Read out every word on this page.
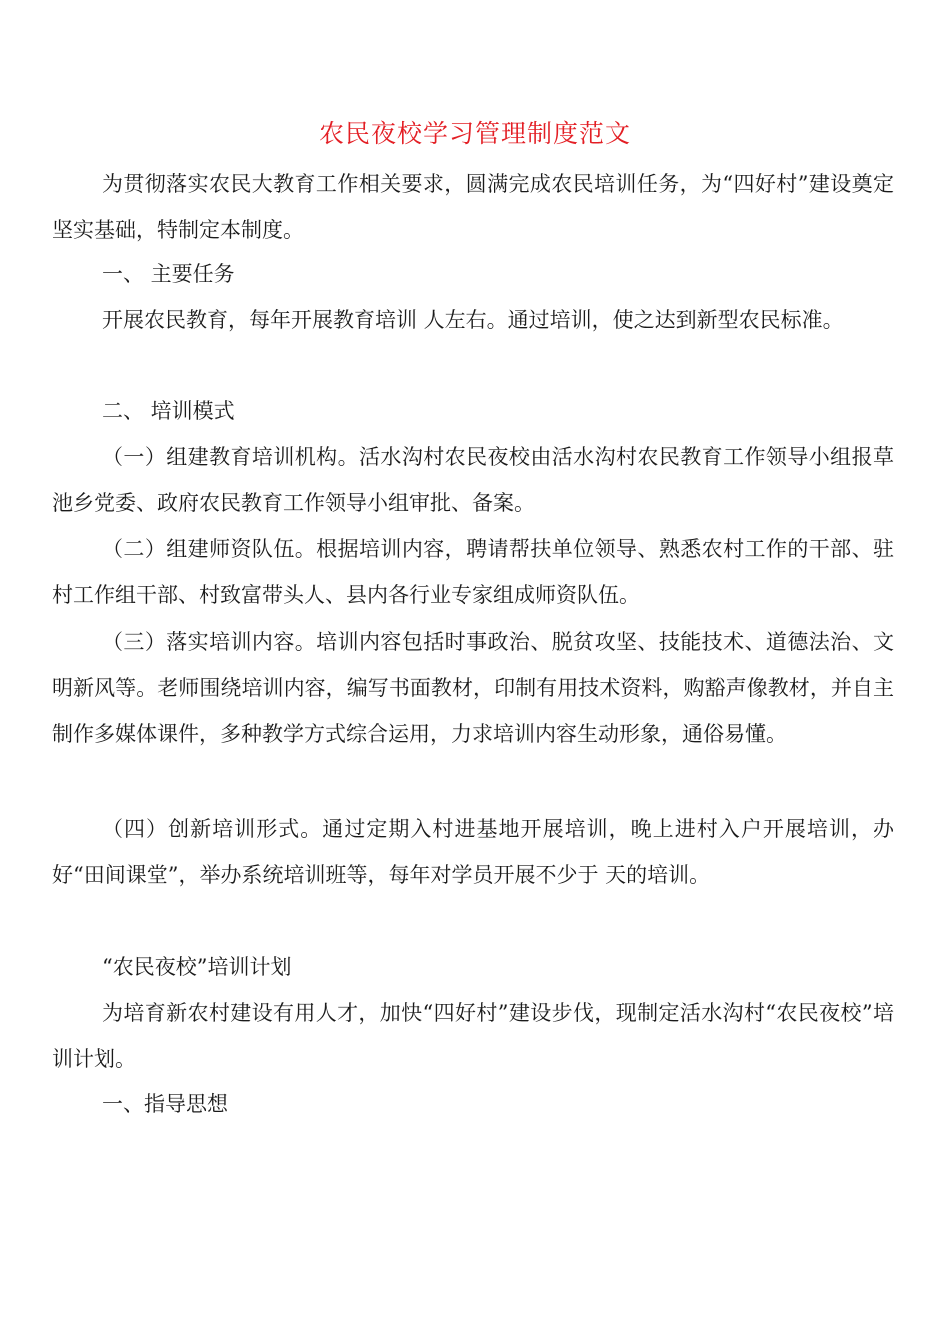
农民夜校学习管理制度范文

为贯彻落实农民大教育工作相关要求，圆满完成农民培训任务，为“四好村”建设奠定坚实基础，特制定本制度。

一、 主要任务

开展农民教育，每年开展教育培训 人左右。通过培训，使之达到新型农民标准。

二、 培训模式

（一）组建教育培训机构。活水沟村农民夜校由活水沟村农民教育工作领导小组报草池乡党委、政府农民教育工作领导小组审批、备案。

（二）组建师资队伍。根据培训内容，聘请帮扶单位领导、熟悉农村工作的干部、驻村工作组干部、村致富带头人、县内各行业专家组成师资队伍。

（三）落实培训内容。培训内容包括时事政治、脱贫攻坚、技能技术、道德法治、文明新风等。老师围绕培训内容，编写书面教材，印制有用技术资料，购豁声像教材，并自主制作多媒体课件，多种教学方式综合运用，力求培训内容生动形象，通俗易懂。

（四）创新培训形式。通过定期入村进基地开展培训，晚上进村入户开展培训，办好“田间课堂”，举办系统培训班等，每年对学员开展不少于 天的培训。

“农民夜校”培训计划

为培育新农村建设有用人才，加快“四好村”建设步伐，现制定活水沟村“农民夜校”培训计划。

一、指导思想
